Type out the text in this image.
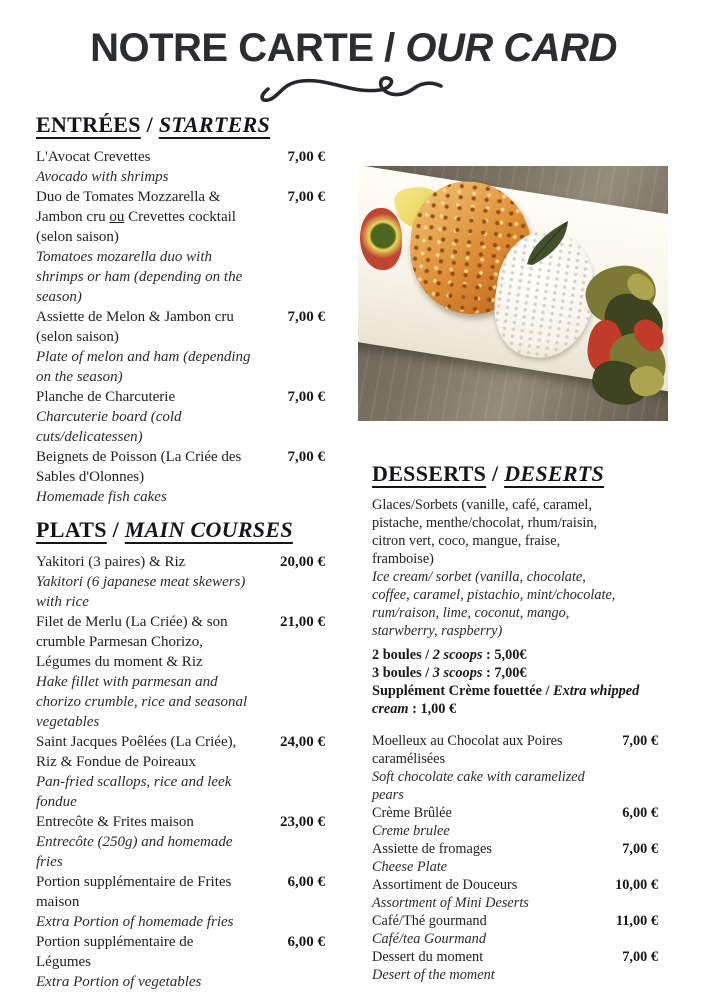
NOTRE CARTE / OUR CARD
ENTRÉES / STARTERS
L'Avocat Crevettes
Avocado with shrimps
7,00 €
Duo de Tomates Mozzarella &
Jambon cru ou Crevettes cocktail
(selon saison)
Tomatoes mozarella duo with
shrimps or ham (depending on the
season)
7,00 €
Assiette de Melon & Jambon cru
(selon saison)
Plate of melon and ham (depending
on the season)
7,00 €
Planche de Charcuterie
Charcuterie board (cold
cuts/delicatessen)
7,00 €
Beignets de Poisson (La Criée des
Sables d'Olonnes)
Homemade fish cakes
7,00 €
PLATS / MAIN COURSES
Yakitori (3 paires) & Riz
Yakitori (6 japanese meat skewers)
with rice
20,00 €
Filet de Merlu (La Criée) & son
crumble Parmesan Chorizo,
Légumes du moment & Riz
Hake fillet with parmesan and
chorizo crumble, rice and seasonal
vegetables
21,00 €
Saint Jacques Poêlées (La Criée),
Riz & Fondue de Poireaux
Pan-fried scallops, rice and leek
fondue
24,00 €
Entrecôte & Frites maison
Entrecôte (250g) and homemade
fries
23,00 €
Portion supplémentaire de Frites
maison
Extra Portion of homemade fries
6,00 €
Portion supplémentaire de
Légumes
Extra Portion of vegetables
6,00 €
DESSERTS / DESERTS
Glaces/Sorbets (vanille, café, caramel,
pistache, menthe/chocolat, rhum/raisin,
citron vert, coco, mangue, fraise,
framboise)
Ice cream/ sorbet (vanilla, chocolate,
coffee, caramel, pistachio, mint/chocolate,
rum/raison, lime, coconut, mango,
starwberry, raspberry)
2 boules / 2 scoops : 5,00€
3 boules / 3 scoops : 7,00€
Supplément Crème fouettée / Extra whipped cream : 1,00 €
Moelleux au Chocolat aux Poires
caramélisées
Soft chocolate cake with caramelized
pears
7,00 €
Crème Brûlée
Creme brulee
6,00 €
Assiette de fromages
Cheese Plate
7,00 €
Assortiment de Douceurs
Assortment of Mini Deserts
10,00 €
Café/Thé gourmand
Café/tea Gourmand
11,00 €
Dessert du moment
Desert of the moment
7,00 €
